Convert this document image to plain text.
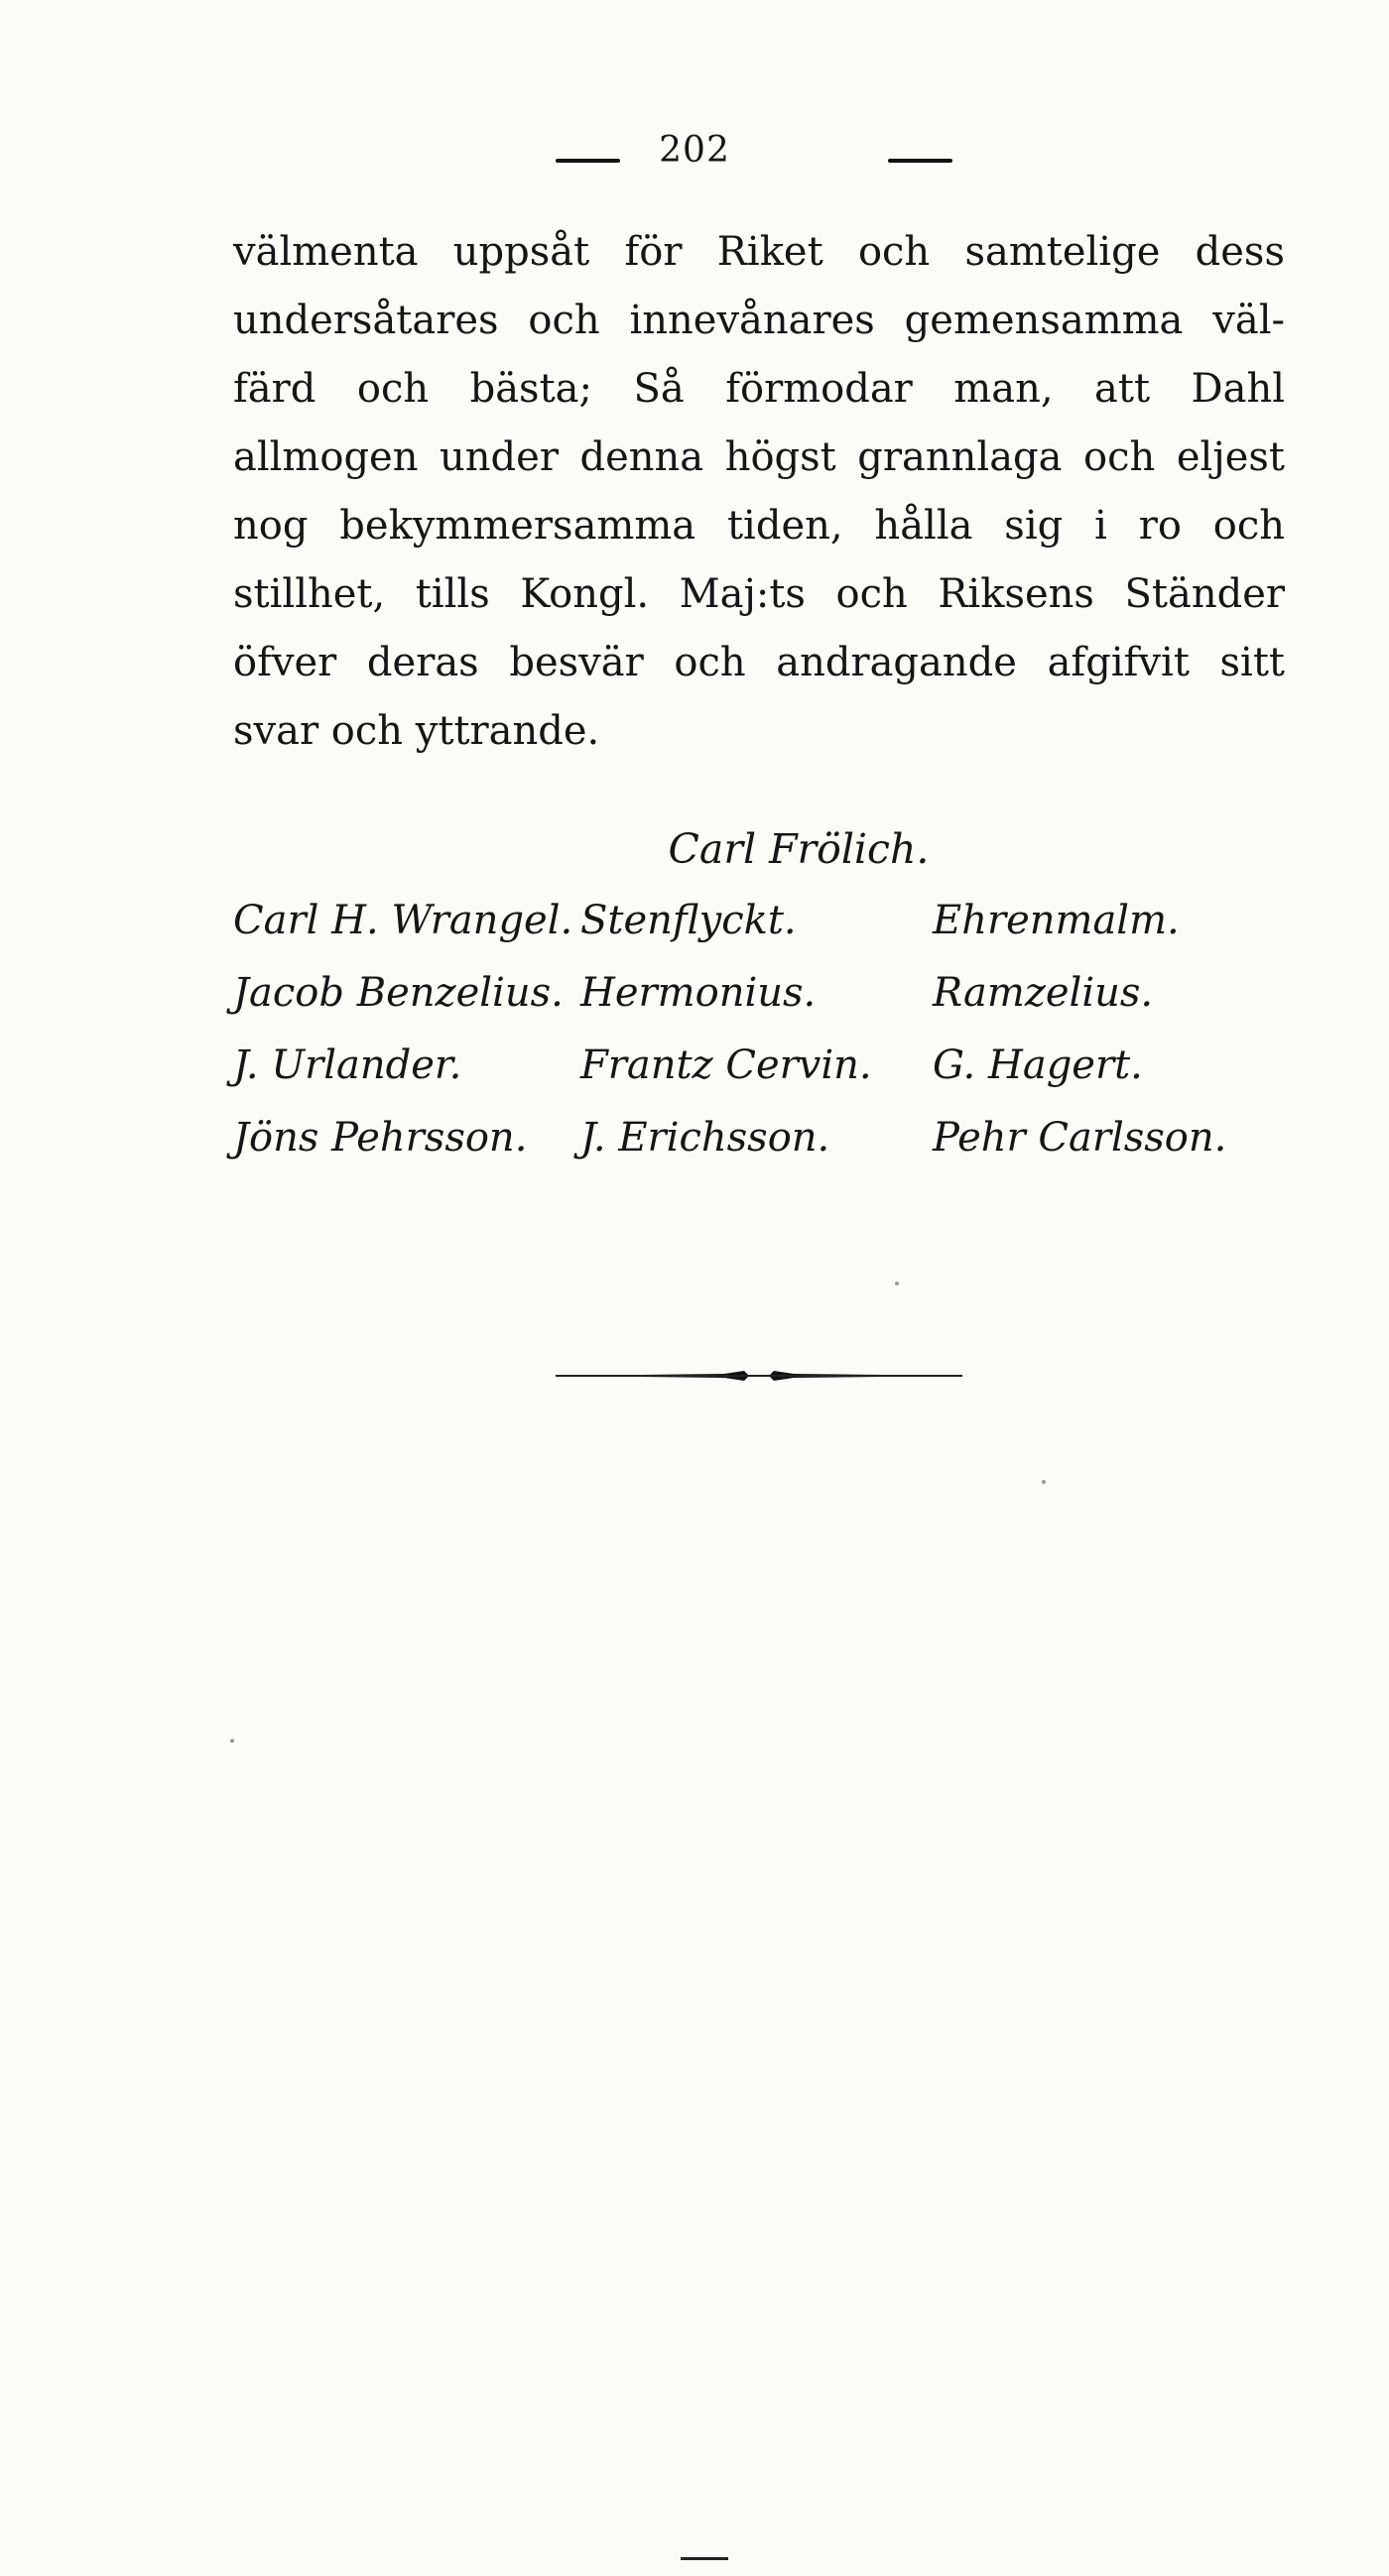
202
välmenta uppsåt för Riket och samtelige dess
undersåtares och innevånares gemensamma väl-
färd och bästa; Så förmodar man, att Dahl
allmogen under denna högst grannlaga och eljest
nog bekymmersamma tiden, hålla sig i ro och
stillhet, tills Kongl. Maj:ts och Riksens Ständer
öfver deras besvär och andragande afgifvit sitt
svar och yttrande.
Carl Frölich.
Carl H. Wrangel. Stenflyckt.	Ehrenmalm.
Jacob Benzelius. Hermonius.	Ramzelius.
J. Urlander.	Frantz Cervin.	G. Hagert.
Jöns Pehrsson.	J. Erichsson.	Pehr Carlsson.
